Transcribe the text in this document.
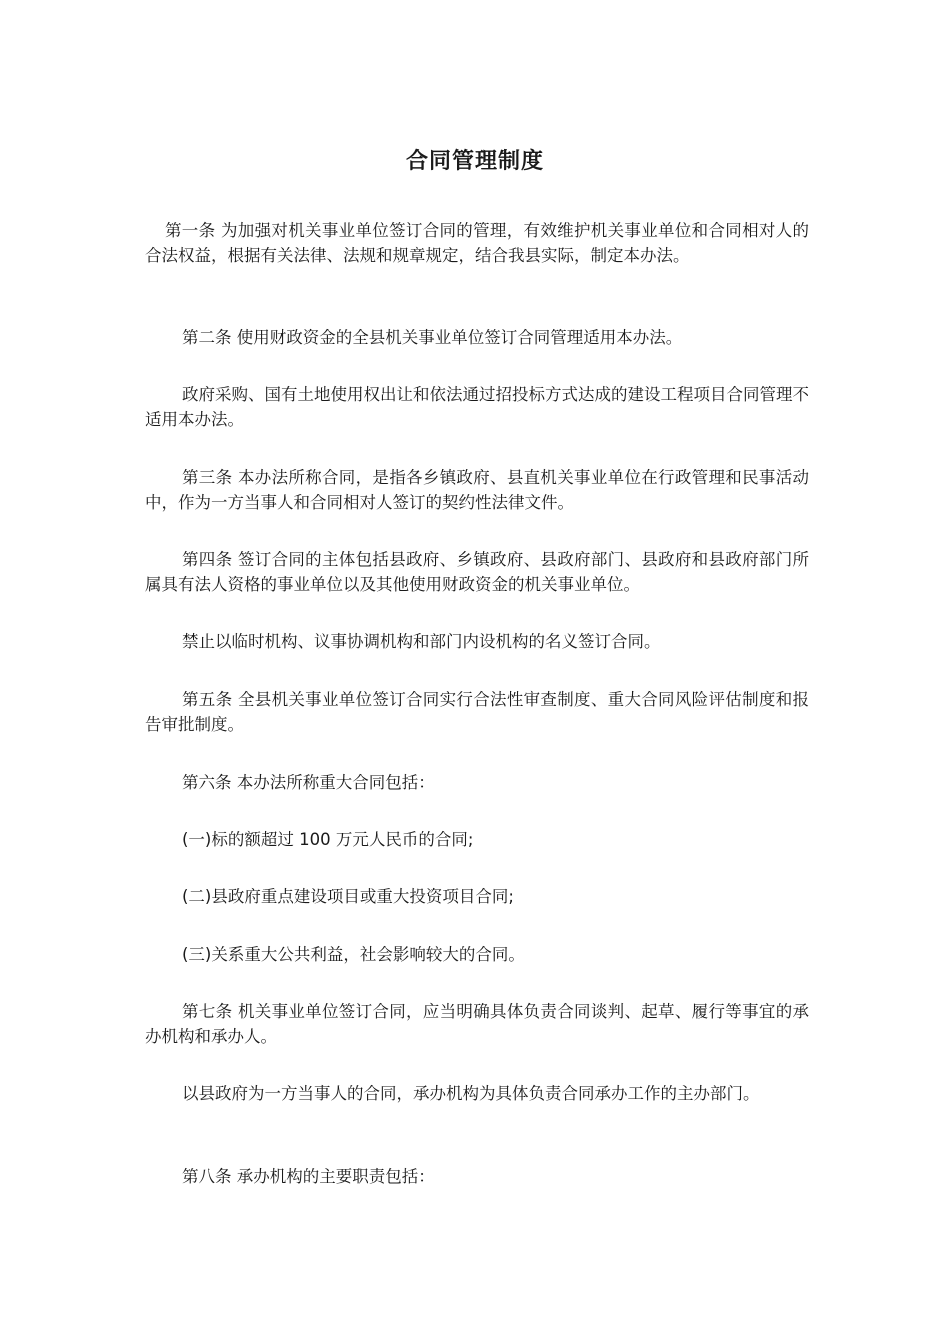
合同管理制度

第一条 为加强对机关事业单位签订合同的管理，有效维护机关事业单位和合同相对人的合法权益，根据有关法律、法规和规章规定，结合我县实际，制定本办法。

第二条 使用财政资金的全县机关事业单位签订合同管理适用本办法。

政府采购、国有土地使用权出让和依法通过招投标方式达成的建设工程项目合同管理不适用本办法。

第三条 本办法所称合同，是指各乡镇政府、县直机关事业单位在行政管理和民事活动中，作为一方当事人和合同相对人签订的契约性法律文件。

第四条 签订合同的主体包括县政府、乡镇政府、县政府部门、县政府和县政府部门所属具有法人资格的事业单位以及其他使用财政资金的机关事业单位。

禁止以临时机构、议事协调机构和部门内设机构的名义签订合同。

第五条 全县机关事业单位签订合同实行合法性审查制度、重大合同风险评估制度和报告审批制度。

第六条 本办法所称重大合同包括：

(一)标的额超过 100 万元人民币的合同;

(二)县政府重点建设项目或重大投资项目合同;

(三)关系重大公共利益，社会影响较大的合同。

第七条 机关事业单位签订合同，应当明确具体负责合同谈判、起草、履行等事宜的承办机构和承办人。

以县政府为一方当事人的合同，承办机构为具体负责合同承办工作的主办部门。

第八条 承办机构的主要职责包括：
